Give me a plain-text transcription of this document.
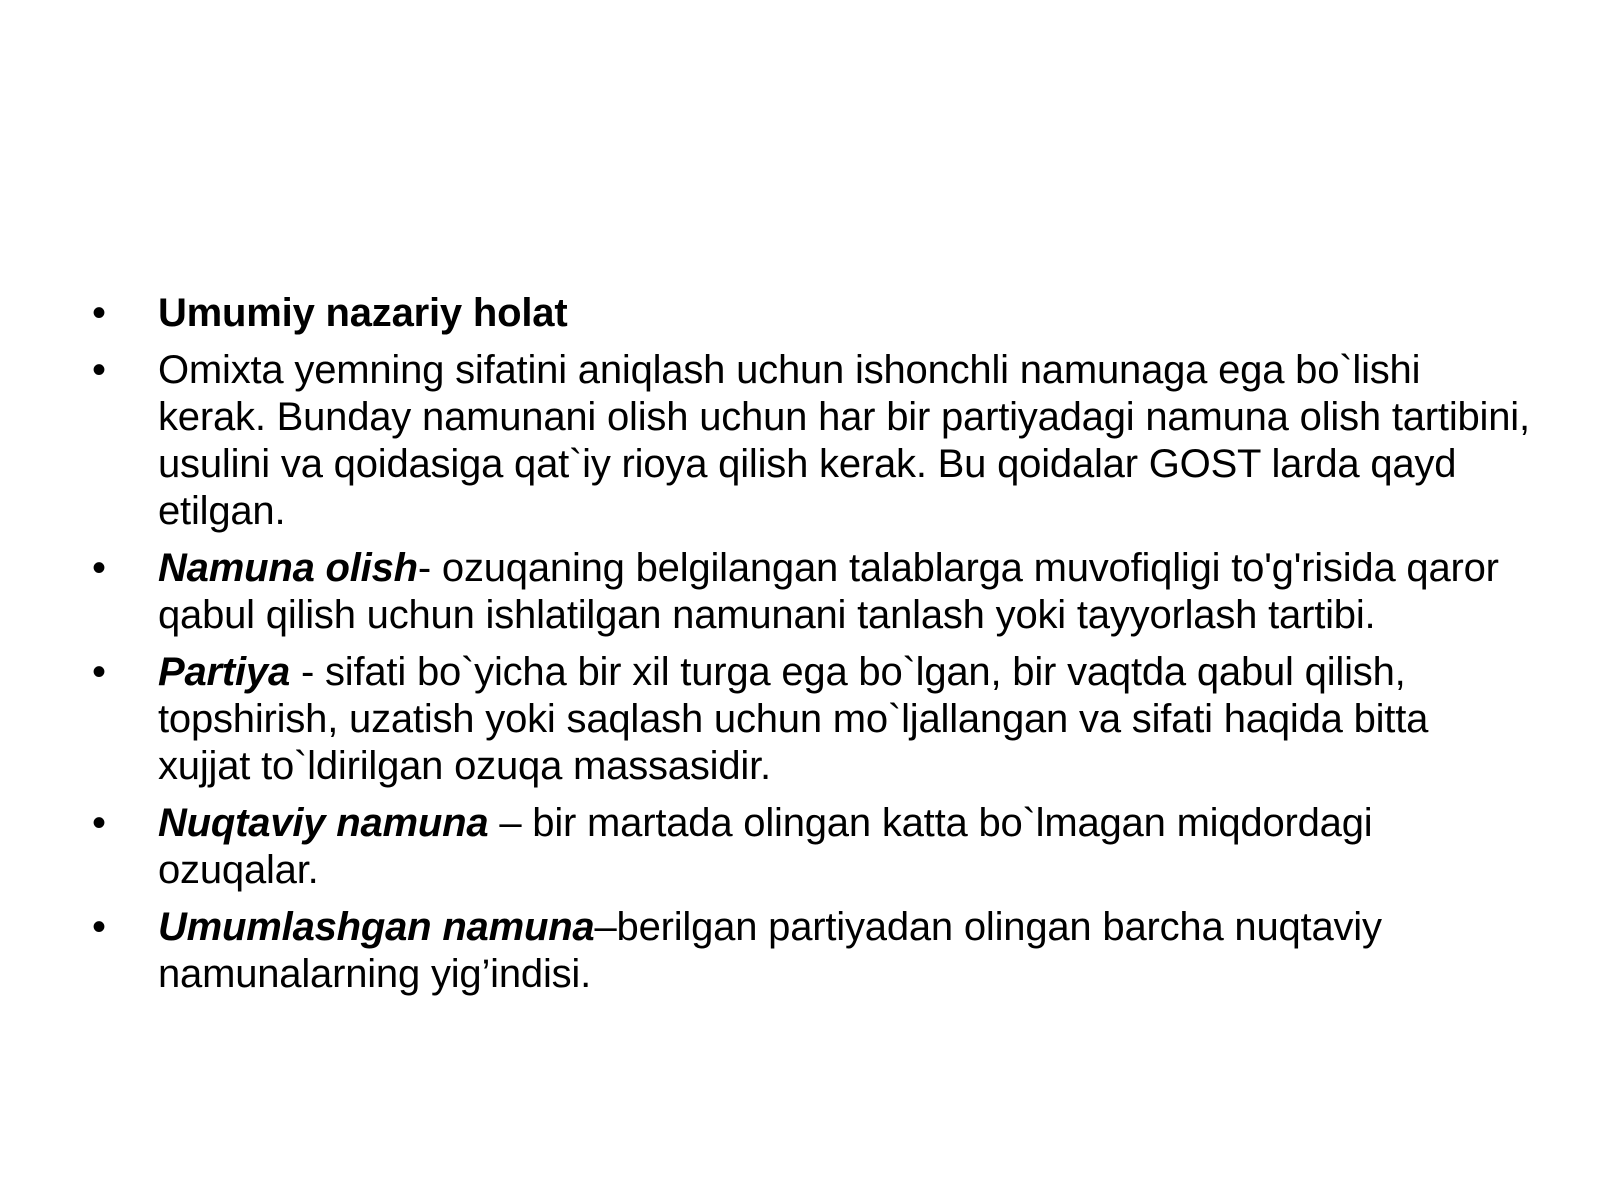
•	Umumiy nazariy holat
•	Omixta yemning sifatini aniqlash uchun ishonchli namunaga ega bo`lishi kerak. Bunday namunani olish uchun har bir partiyadagi namuna olish tartibini, usulini va qoidasiga qat`iy rioya qilish kerak. Bu qoidalar GOST larda qayd etilgan.
•	Namuna olish- ozuqaning belgilangan talablarga muvofiqligi to'g'risida qaror qabul qilish uchun ishlatilgan namunani tanlash yoki tayyorlash tartibi.
•	Partiya - sifati bo`yicha bir xil turga ega bo`lgan, bir vaqtda qabul qilish, topshirish, uzatish yoki saqlash uchun mo`ljallangan va sifati haqida bitta xujjat to`ldirilgan ozuqa massasidir.
•	Nuqtaviy namuna – bir martada olingan katta bo`lmagan miqdordagi ozuqalar.
•	Umumlashgan namuna–berilgan partiyadan olingan barcha nuqtaviy namunalarning yig’indisi.
